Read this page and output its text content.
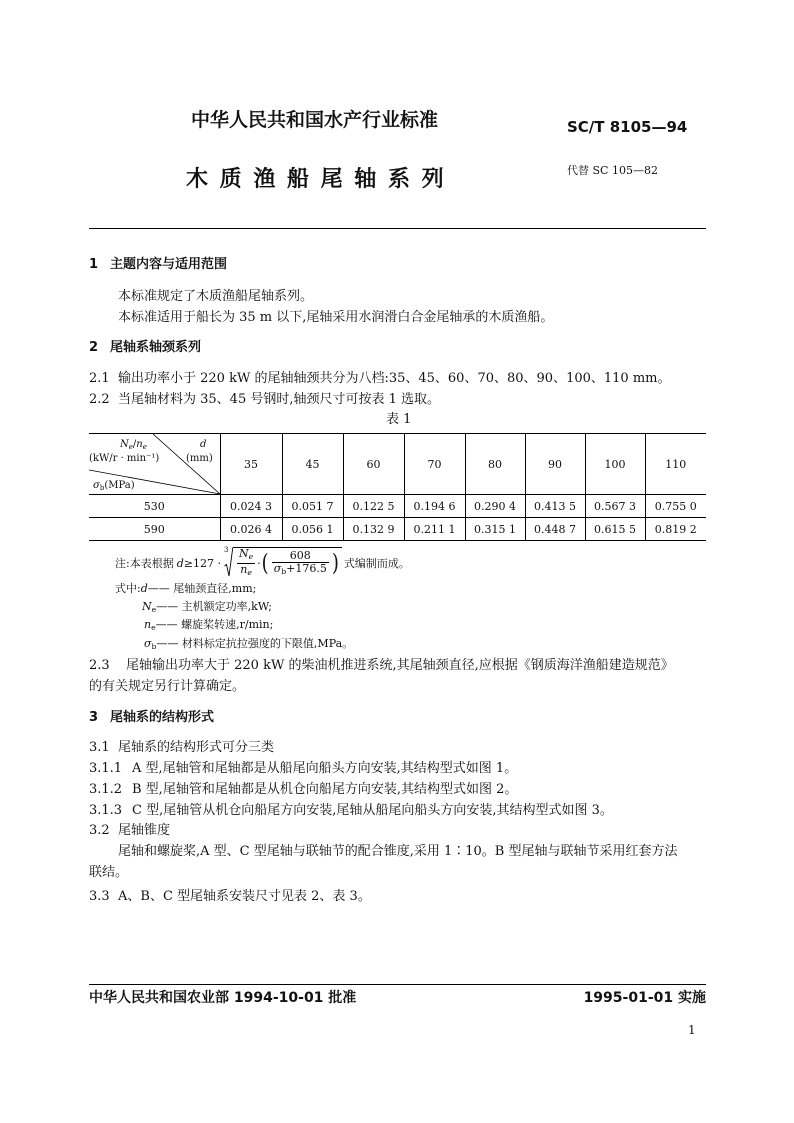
中华人民共和国水产行业标准	SC/T 8105—94
木 质 渔 船 尾 轴 系 列	代替 SC 105—82
1 主题内容与适用范围
本标准规定了木质渔船尾轴系列。
本标准适用于船长为 35 m 以下,尾轴采用水润滑白合金尾轴承的木质渔船。
2 尾轴系轴颈系列
2.1 输出功率小于 220 kW 的尾轴轴颈共分为八档:35、45、60、70、80、90、100、110 mm。
2.2 当尾轴材料为 35、45 号钢时,轴颈尺寸可按表 1 选取。
表 1
$N_e/n_e$
(kW/r · min⁻¹)
d
(mm)
$\sigma_b(MPa)$	35	45	60	70	80	90	100	110
530	0.024 3	0.051 7	0.122 5	0.194 6	0.290 4	0.413 5	0.567 3	0.755 0
590	0.026 4	0.056 1	0.132 9	0.211 1	0.315 1	0.448 7	0.615 5	0.819 2
注:本表根据 d ≥127 ·
$3 \frac{N_e}{n_e}$ · ( $\frac{608}{\sigma_b+176.5}$ ) 式编制而成。
式中:d—— 尾轴颈直径,mm;
$N_e——$ 主机额定功率,kW;
$n_e——$ 螺旋桨转速,r/min;
$\sigma_b——$ 材料标定抗拉强度的下限值,MPa。
2.3 尾轴输出功率大于 220 kW 的柴油机推进系统,其尾轴颈直径,应根据《钢质海洋渔船建造规范》
的有关规定另行计算确定。
3 尾轴系的结构形式
3.1 尾轴系的结构形式可分三类
3.1.1 A 型,尾轴管和尾轴都是从船尾向船头方向安装,其结构型式如图 1。
3.1.2 B 型,尾轴管和尾轴都是从机仓向船尾方向安装,其结构型式如图 2。
3.1.3 C 型,尾轴管从机仓向船尾方向安装,尾轴从船尾向船头方向安装,其结构型式如图 3。
3.2 尾轴锥度
尾轴和螺旋桨,A 型、C 型尾轴与联轴节的配合锥度,采用 1∶10。B 型尾轴与联轴节采用红套方法
联结。
3.3 A、B、C 型尾轴系安装尺寸见表 2、表 3。
中华人民共和国农业部 1994-10-01 批准	1995-01-01 实施
1
